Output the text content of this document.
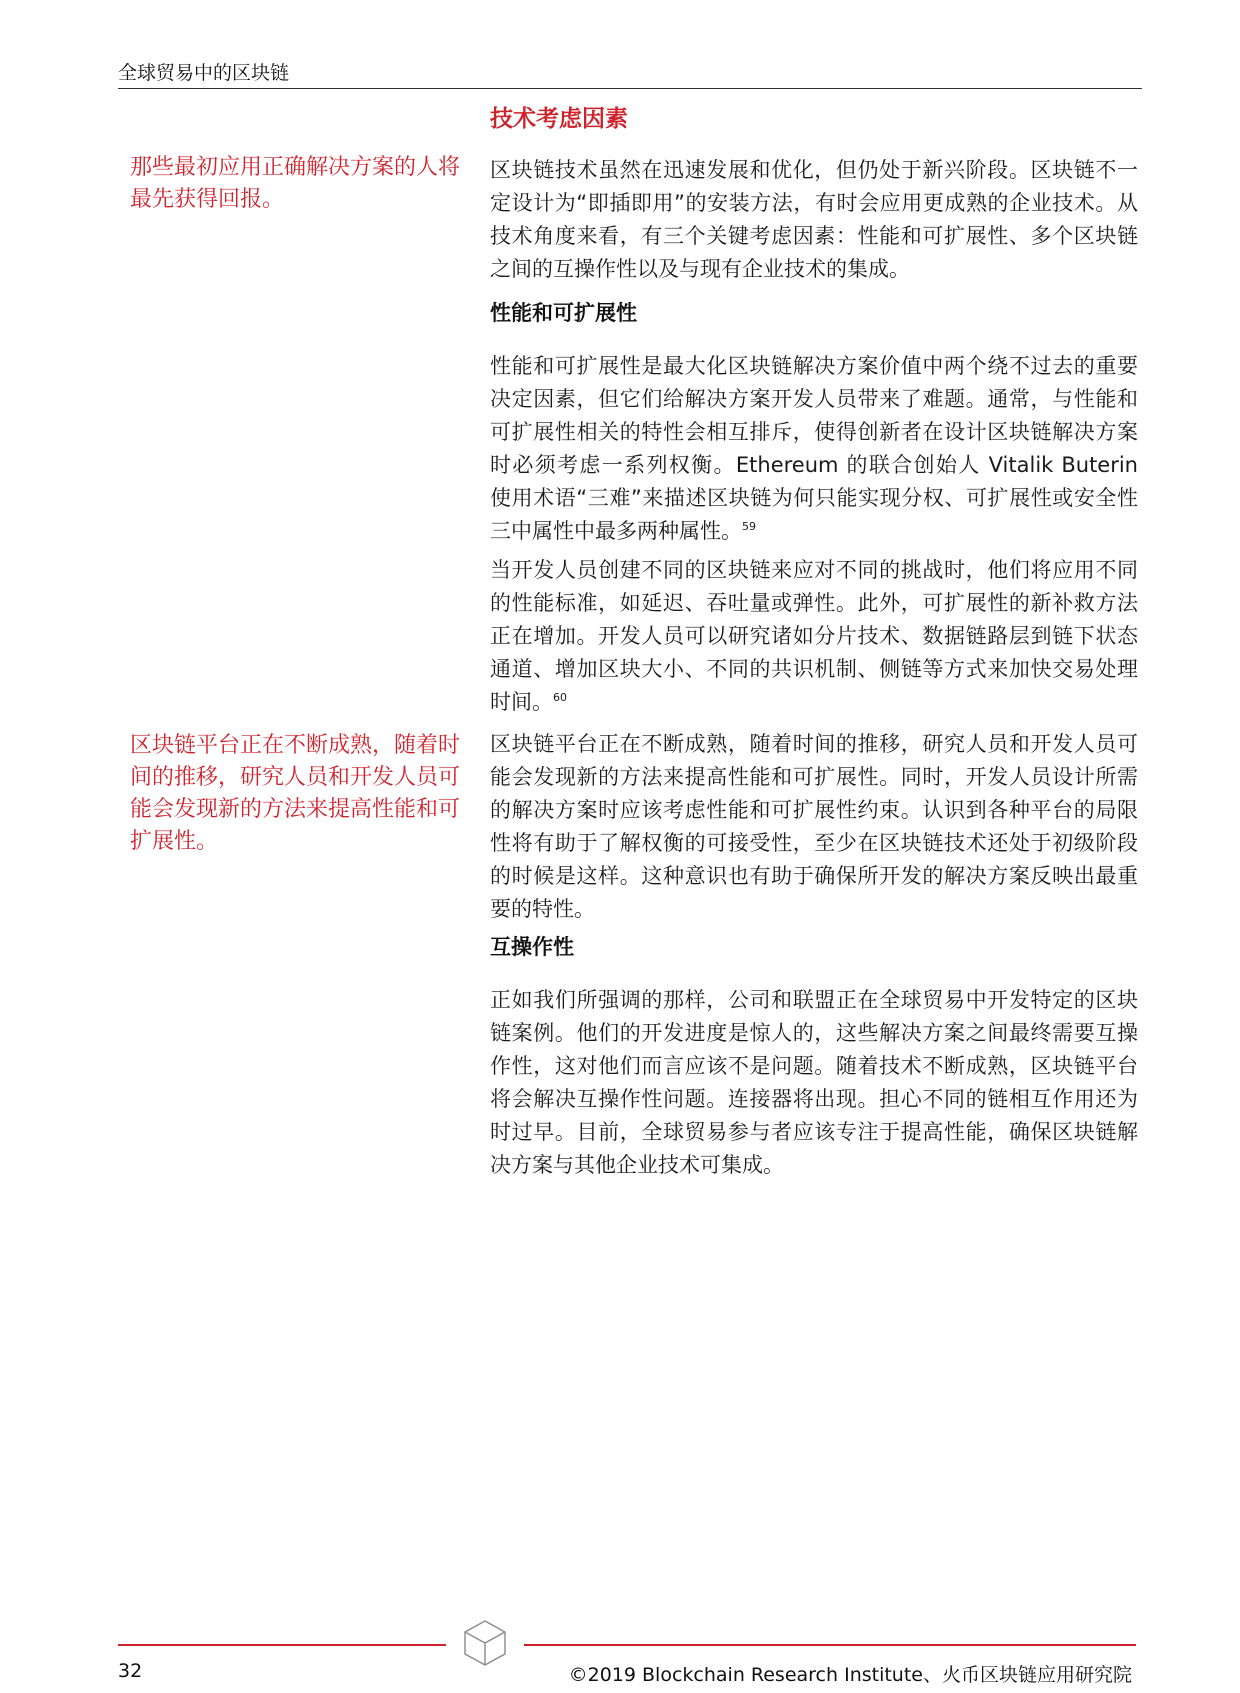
全球贸易中的区块链
那些最初应用正确解决方案的人将最先获得回报。
区块链平台正在不断成熟，随着时间的推移，研究人员和开发人员可能会发现新的方法来提高性能和可扩展性。
技术考虑因素

区块链技术虽然在迅速发展和优化，但仍处于新兴阶段。区块链不一定设计为“即插即用”的安装方法，有时会应用更成熟的企业技术。从技术角度来看，有三个关键考虑因素：性能和可扩展性、多个区块链之间的互操作性以及与现有企业技术的集成。

性能和可扩展性

性能和可扩展性是最大化区块链解决方案价值中两个绕不过去的重要决定因素，但它们给解决方案开发人员带来了难题。通常，与性能和可扩展性相关的特性会相互排斥，使得创新者在设计区块链解决方案时必须考虑一系列权衡。Ethereum 的联合创始人 Vitalik Buterin 使用术语“三难”来描述区块链为何只能实现分权、可扩展性或安全性三中属性中最多两种属性。$^{59}$

当开发人员创建不同的区块链来应对不同的挑战时，他们将应用不同的性能标准，如延迟、吞吐量或弹性。此外，可扩展性的新补救方法正在增加。开发人员可以研究诸如分片技术、数据链路层到链下状态通道、增加区块大小、不同的共识机制、侧链等方式来加快交易处理时间。$^{60}$

区块链平台正在不断成熟，随着时间的推移，研究人员和开发人员可能会发现新的方法来提高性能和可扩展性。同时，开发人员设计所需的解决方案时应该考虑性能和可扩展性约束。认识到各种平台的局限性将有助于了解权衡的可接受性，至少在区块链技术还处于初级阶段的时候是这样。这种意识也有助于确保所开发的解决方案反映出最重要的特性。

互操作性

正如我们所强调的那样，公司和联盟正在全球贸易中开发特定的区块链案例。他们的开发进度是惊人的，这些解决方案之间最终需要互操作性，这对他们而言应该不是问题。随着技术不断成熟，区块链平台将会解决互操作性问题。连接器将出现。担心不同的链相互作用还为时过早。目前，全球贸易参与者应该专注于提高性能，确保区块链解决方案与其他企业技术可集成。

32	©2019 Blockchain Research Institute、火币区块链应用研究院
